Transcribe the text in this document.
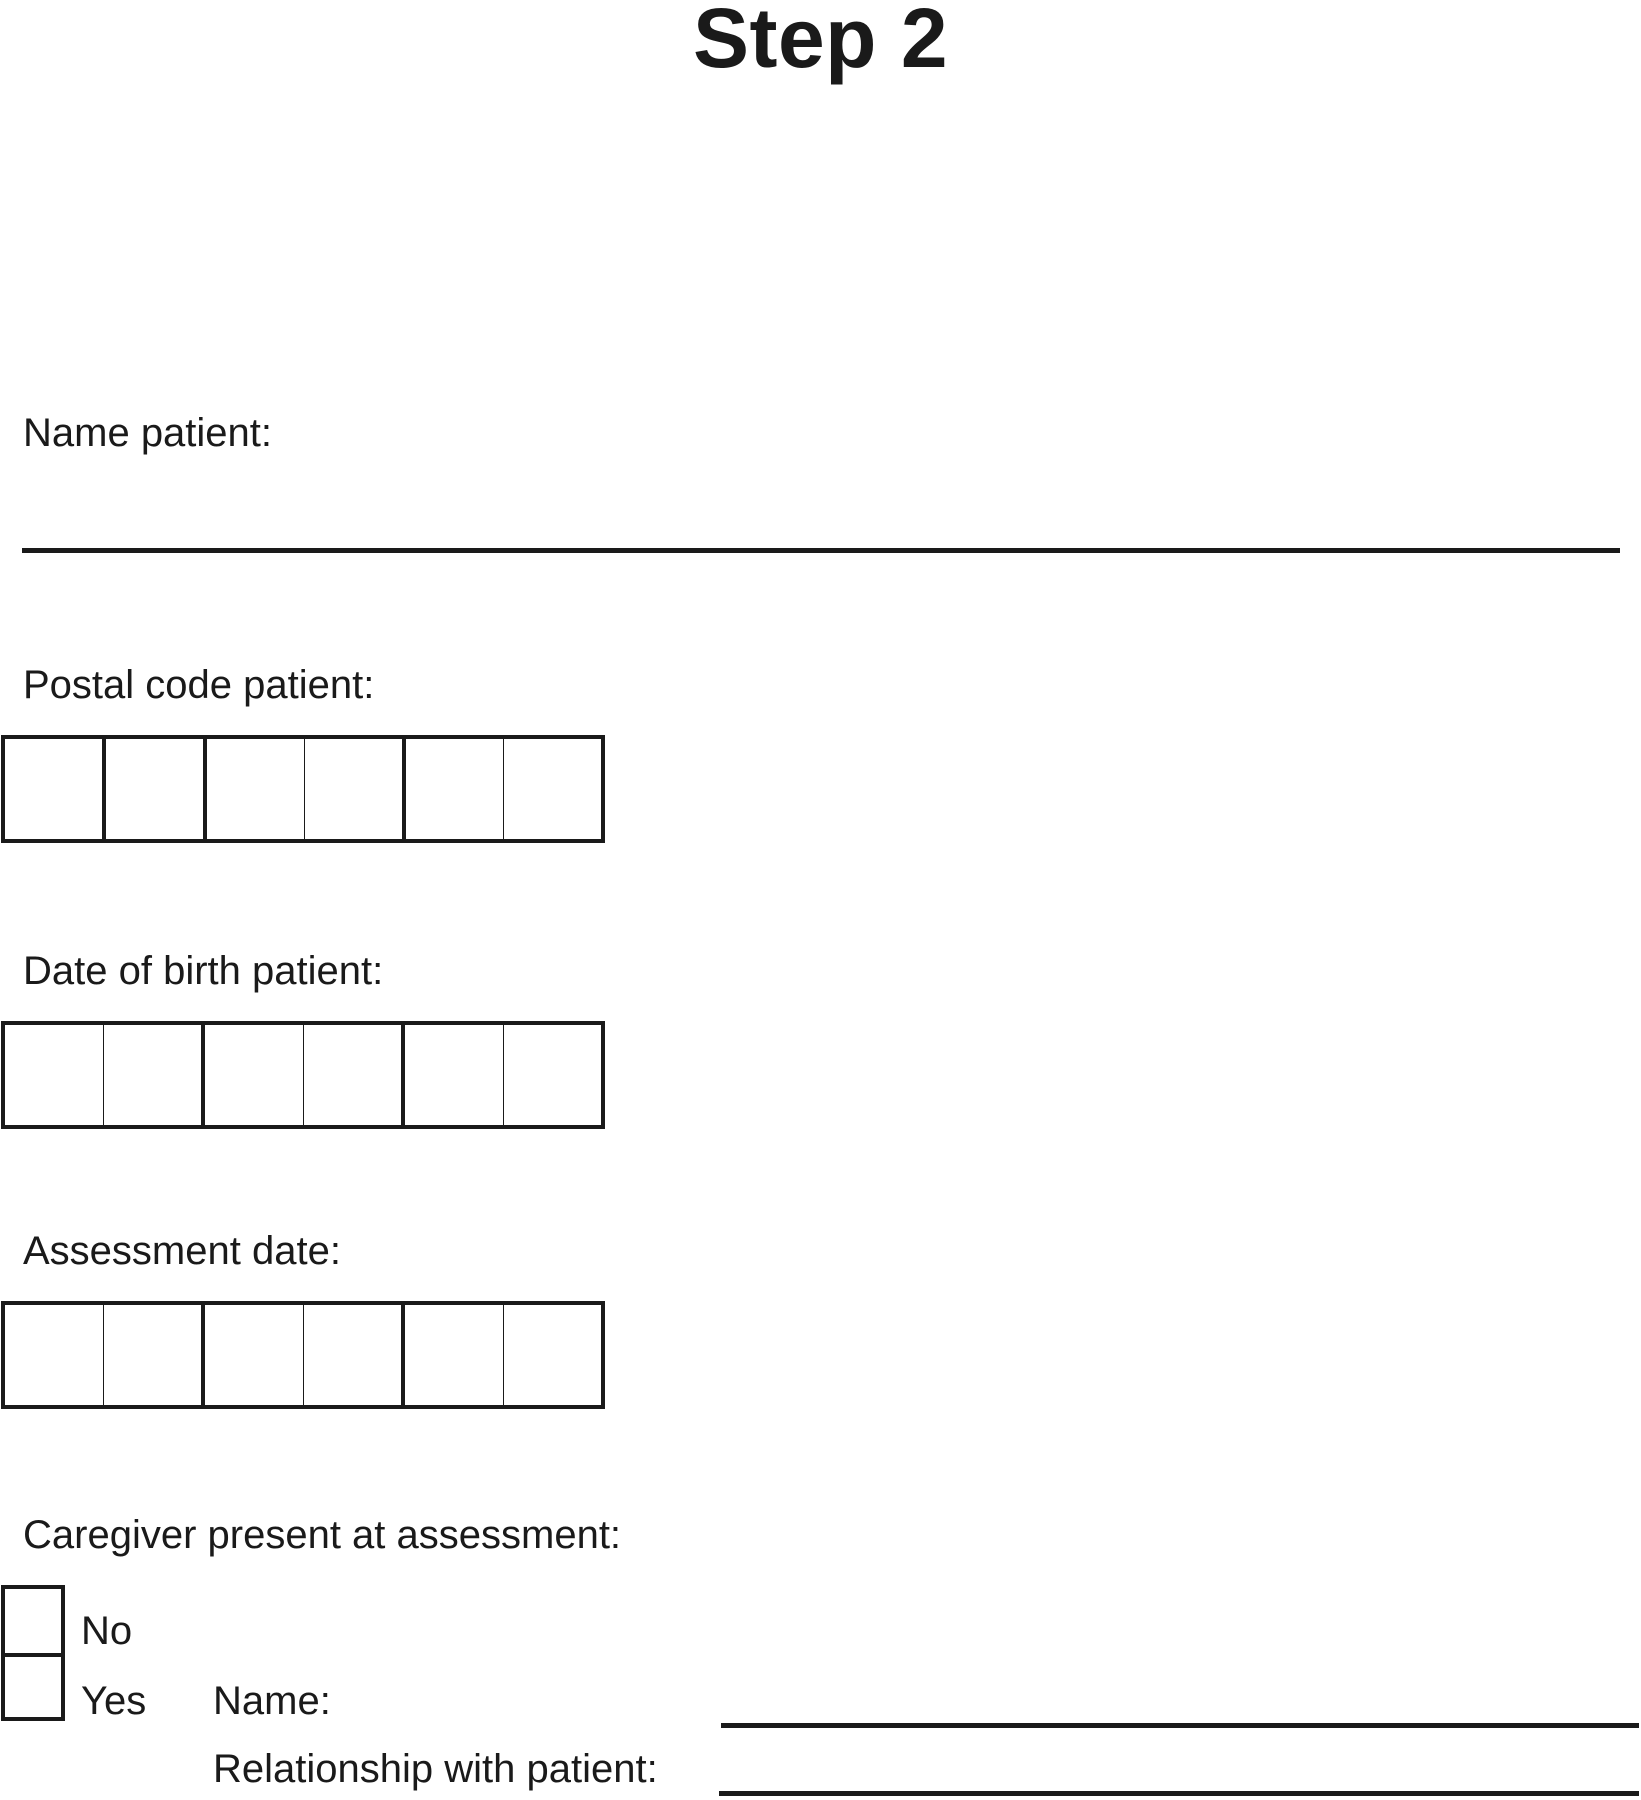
Step 2
Name patient:
Postal code patient:
Date of birth patient:
Assessment date:
Caregiver present at assessment:
No
Yes Name:
Relationship with patient:
